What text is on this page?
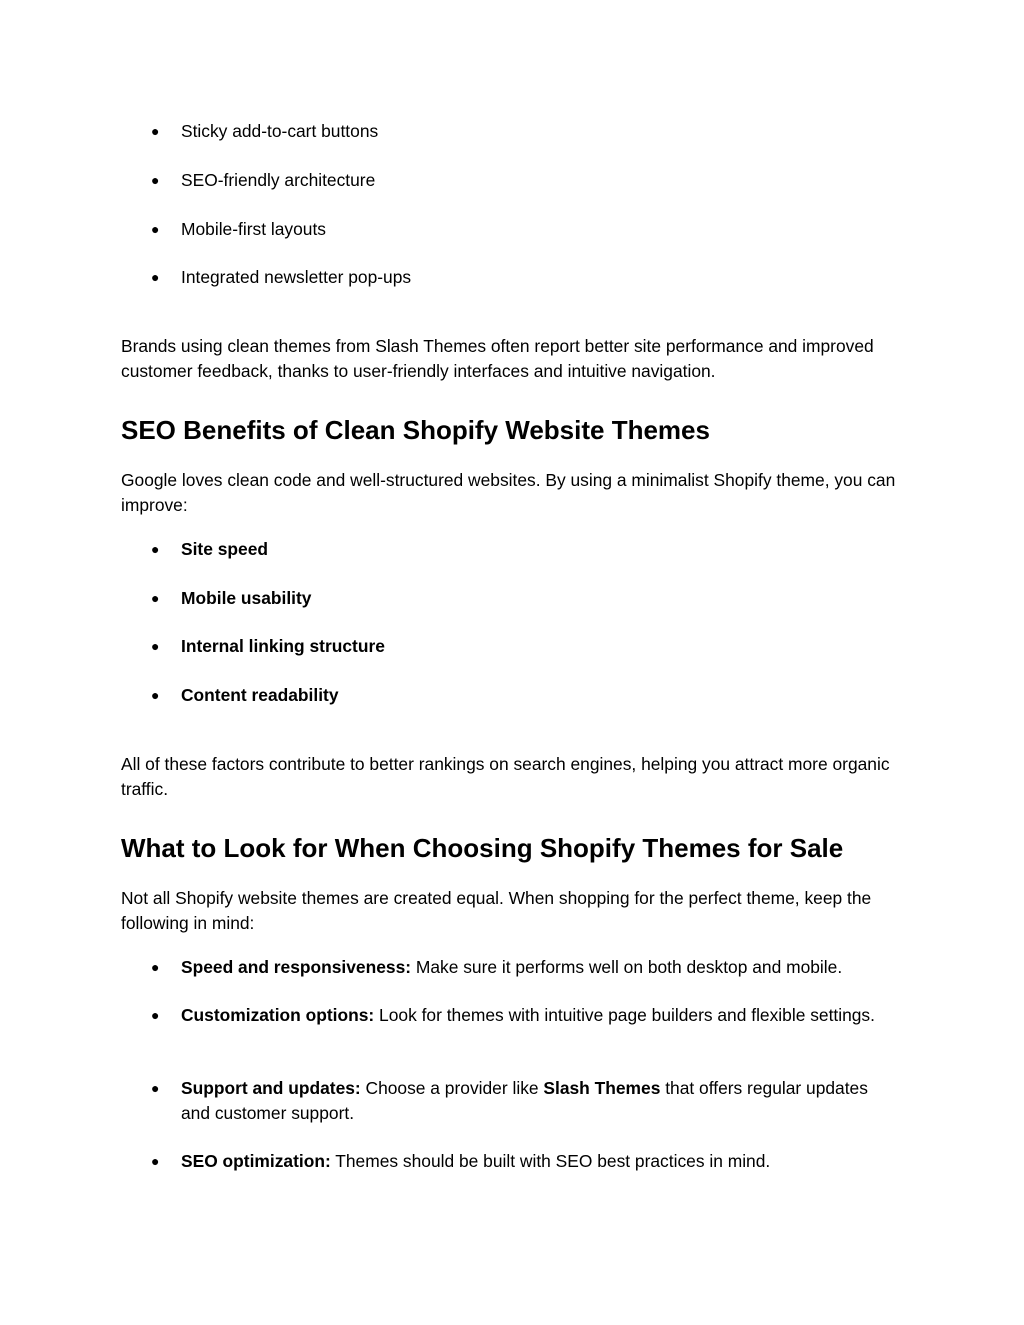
● Sticky add-to-cart buttons
● SEO-friendly architecture
● Mobile-first layouts
● Integrated newsletter pop-ups

Brands using clean themes from Slash Themes often report better site performance and improved customer feedback, thanks to user-friendly interfaces and intuitive navigation.

SEO Benefits of Clean Shopify Website Themes

Google loves clean code and well-structured websites. By using a minimalist Shopify theme, you can improve:

● Site speed
● Mobile usability
● Internal linking structure
● Content readability

All of these factors contribute to better rankings on search engines, helping you attract more organic traffic.

What to Look for When Choosing Shopify Themes for Sale

Not all Shopify website themes are created equal. When shopping for the perfect theme, keep the following in mind:

● Speed and responsiveness: Make sure it performs well on both desktop and mobile.
● Customization options: Look for themes with intuitive page builders and flexible settings.
● Support and updates: Choose a provider like Slash Themes that offers regular updates and customer support.
● SEO optimization: Themes should be built with SEO best practices in mind.
